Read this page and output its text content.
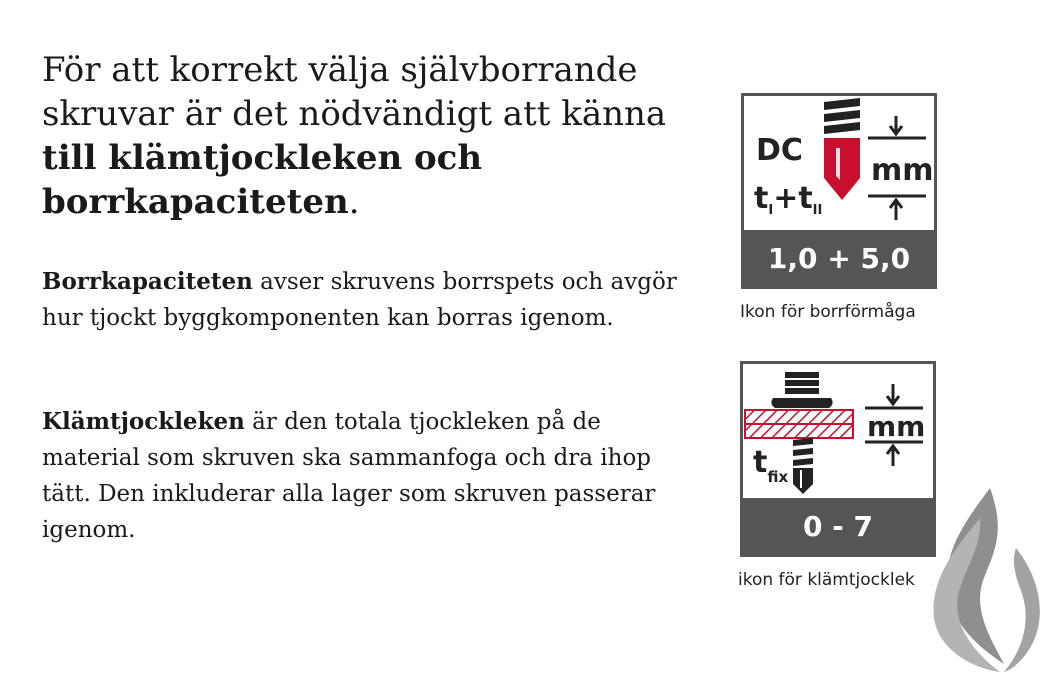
För att korrekt välja självborrande skruvar är det nödvändigt att känna till klämtjockleken och borrkapaciteten.

Borrkapaciteten avser skruvens borrspets och avgör hur tjockt byggkomponenten kan borras igenom.

Klämtjockleken är den totala tjockleken på de material som skruven ska sammanfoga och dra ihop tätt. Den inkluderar alla lager som skruven passerar igenom.

DC
$t_I+t_{II}$
mm
1,0 + 5,0
Ikon för borrförmåga
$t_{fix}$
mm
0 - 7
ikon för klämtjocklek
